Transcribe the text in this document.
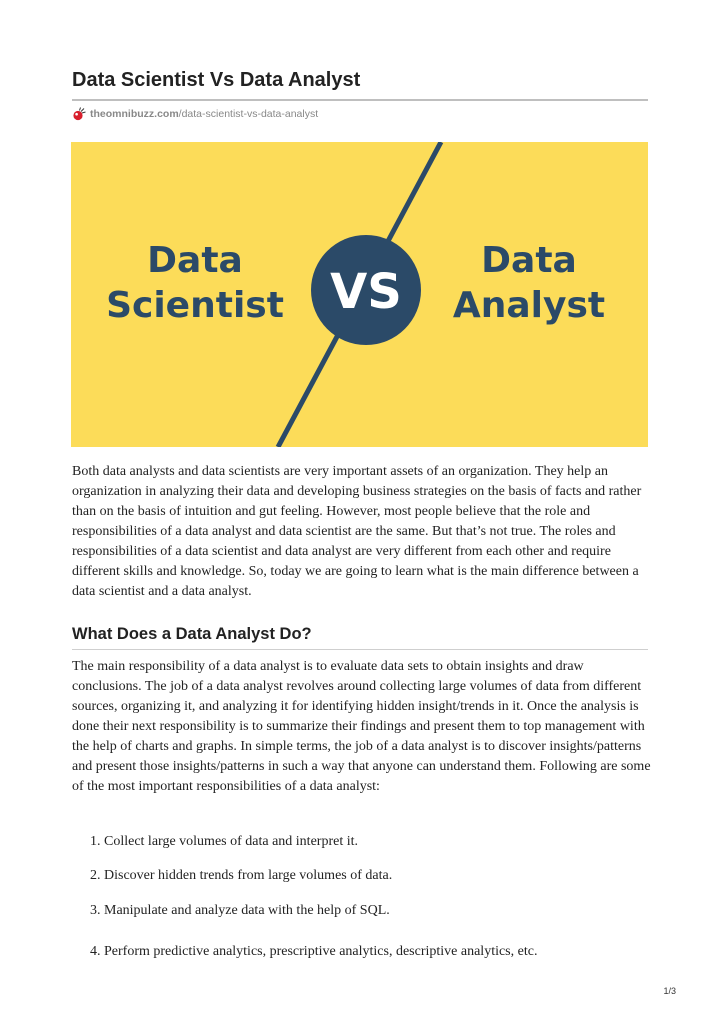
Data Scientist Vs Data Analyst
theomnibuzz.com /data-scientist-vs-data-analyst
Data
Scientist VS
Data
Analyst

Both data analysts and data scientists are very important assets of an organization. They help an organization in analyzing their data and developing business strategies on the basis of facts and rather than on the basis of intuition and gut feeling. However, most people believe that the role and responsibilities of a data analyst and data scientist are the same. But that’s not true. The roles and responsibilities of a data scientist and data analyst are very different from each other and require different skills and knowledge. So, today we are going to learn what is the main difference between a data scientist and a data analyst.

What Does a Data Analyst Do?

The main responsibility of a data analyst is to evaluate data sets to obtain insights and draw conclusions. The job of a data analyst revolves around collecting large volumes of data from different sources, organizing it, and analyzing it for identifying hidden insight/trends in it. Once the analysis is done their next responsibility is to summarize their findings and present them to top management with the help of charts and graphs. In simple terms, the job of a data analyst is to discover insights/patterns and present those insights/patterns in such a way that anyone can understand them. Following are some of the most important responsibilities of a data analyst:

1. Collect large volumes of data and interpret it.
2. Discover hidden trends from large volumes of data.
3. Manipulate and analyze data with the help of SQL.
4. Perform predictive analytics, prescriptive analytics, descriptive analytics, etc.
1/3
